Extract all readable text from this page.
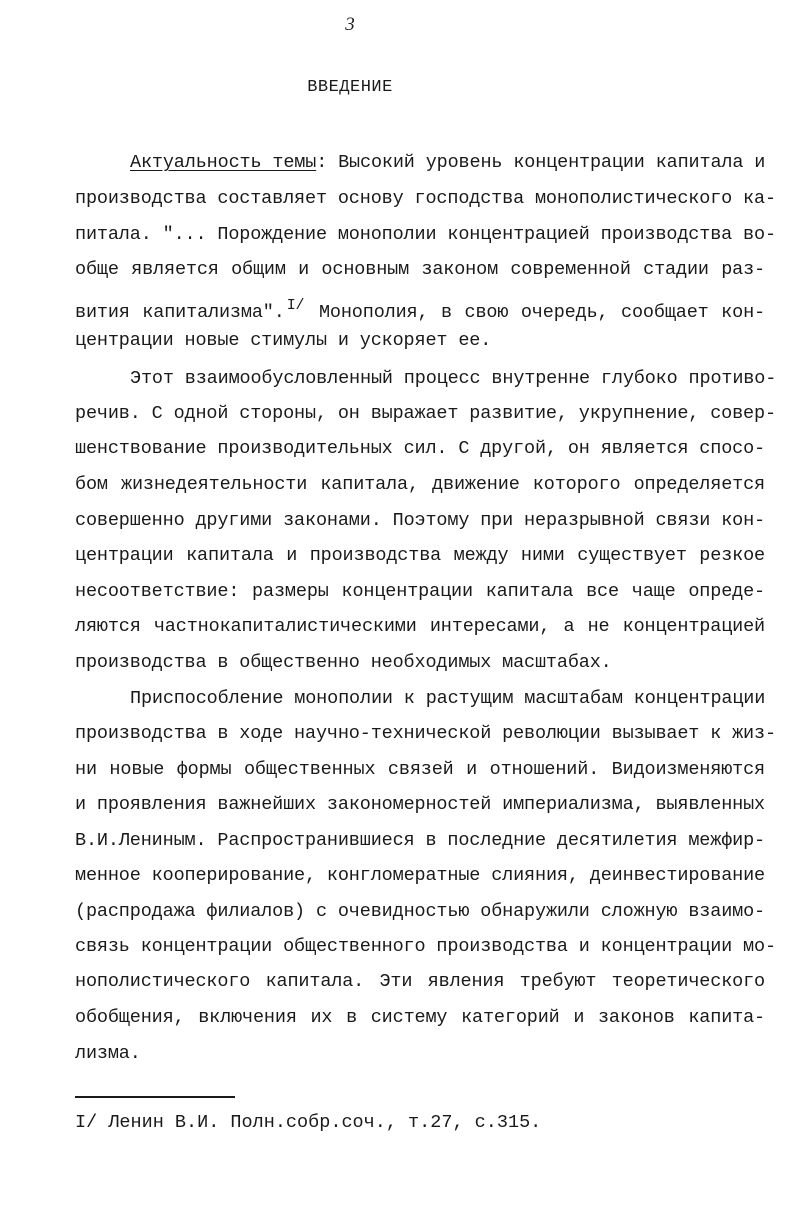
3
ВВЕДЕНИЕ
Актуальность темы: Высокий уровень концентрации капитала и
производства составляет основу господства монополистического ка-
питала. "... Порождение монополии концентрацией производства во-
обще является общим и основным законом современной стадии раз-
вития капитализма". $^{I/}$ Монополия, в свою очередь, сообщает кон-
центрации новые стимулы и ускоряет ее.
Этот взаимообусловленный процесс внутренне глубоко противо-
речив. С одной стороны, он выражает развитие, укрупнение, совер-
шенствование производительных сил. С другой, он является спосо-
бом жизнедеятельности капитала, движение которого определяется
совершенно другими законами. Поэтому при неразрывной связи кон-
центрации капитала и производства между ними существует резкое
несоответствие: размеры концентрации капитала все чаще опреде-
ляются частнокапиталистическими интересами, а не концентрацией
производства в общественно необходимых масштабах.
Приспособление монополии к растущим масштабам концентрации
производства в ходе научно-технической революции вызывает к жиз-
ни новые формы общественных связей и отношений. Видоизменяются
и проявления важнейших закономерностей империализма, выявленных
В.И.Лениным. Распространившиеся в последние десятилетия межфир-
менное кооперирование, конгломератные слияния, деинвестирование
(распродажа филиалов) с очевидностью обнаружили сложную взаимо-
связь концентрации общественного производства и концентрации мо-
нополистического капитала. Эти явления требуют теоретического
обобщения, включения их в систему категорий и законов капита-
лизма.
I/ Ленин В.И. Полн.собр.соч., т.27, с.315.
